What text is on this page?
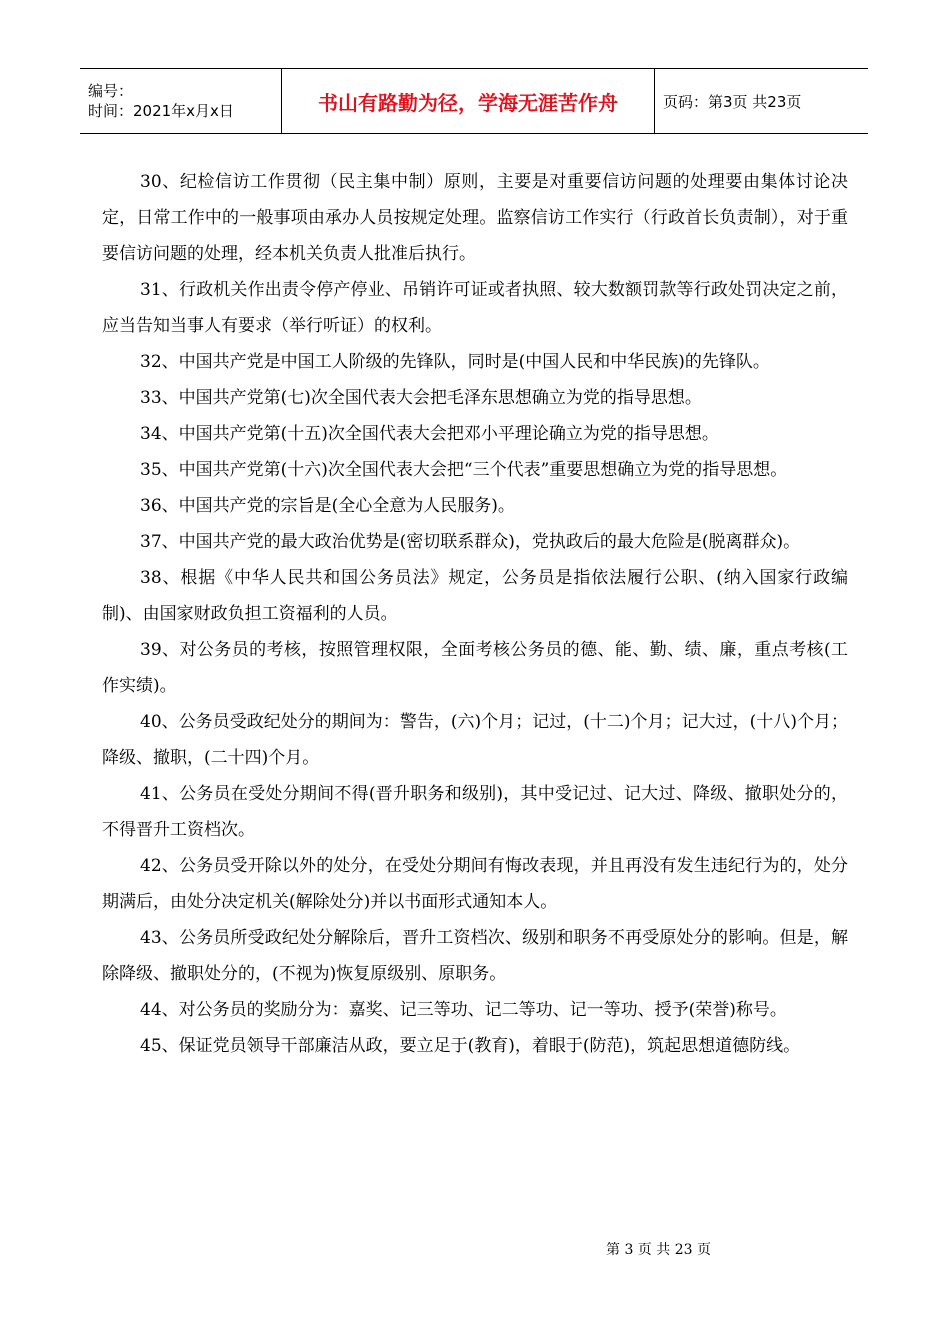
编号：
时间：2021年x月x日	书山有路勤为径，学海无涯苦作舟	页码：第3页 共23页

30、纪检信访工作贯彻（民主集中制）原则，主要是对重要信访问题的处理要由集体讨论决定，日常工作中的一般事项由承办人员按规定处理。监察信访工作实行（行政首长负责制），对于重要信访问题的处理，经本机关负责人批准后执行。

31、行政机关作出责令停产停业、吊销许可证或者执照、较大数额罚款等行政处罚决定之前，应当告知当事人有要求（举行听证）的权利。

32、中国共产党是中国工人阶级的先锋队，同时是(中国人民和中华民族)的先锋队。

33、中国共产党第(七)次全国代表大会把毛泽东思想确立为党的指导思想。

34、中国共产党第(十五)次全国代表大会把邓小平理论确立为党的指导思想。

35、中国共产党第(十六)次全国代表大会把“三个代表”重要思想确立为党的指导思想。

36、中国共产党的宗旨是(全心全意为人民服务)。

37、中国共产党的最大政治优势是(密切联系群众)，党执政后的最大危险是(脱离群众)。

38、根据《中华人民共和国公务员法》规定，公务员是指依法履行公职、(纳入国家行政编制)、由国家财政负担工资福利的人员。

39、对公务员的考核，按照管理权限，全面考核公务员的德、能、勤、绩、廉，重点考核(工作实绩)。

40、公务员受政纪处分的期间为：警告，(六)个月；记过，(十二)个月；记大过，(十八)个月；降级、撤职，(二十四)个月。

41、公务员在受处分期间不得(晋升职务和级别)，其中受记过、记大过、降级、撤职处分的，不得晋升工资档次。

42、公务员受开除以外的处分，在受处分期间有悔改表现，并且再没有发生违纪行为的，处分期满后，由处分决定机关(解除处分)并以书面形式通知本人。

43、公务员所受政纪处分解除后，晋升工资档次、级别和职务不再受原处分的影响。但是，解除降级、撤职处分的，(不视为)恢复原级别、原职务。

44、对公务员的奖励分为：嘉奖、记三等功、记二等功、记一等功、授予(荣誉)称号。

45、保证党员领导干部廉洁从政，要立足于(教育)，着眼于(防范)，筑起思想道德防线。

第 3 页 共 23 页
